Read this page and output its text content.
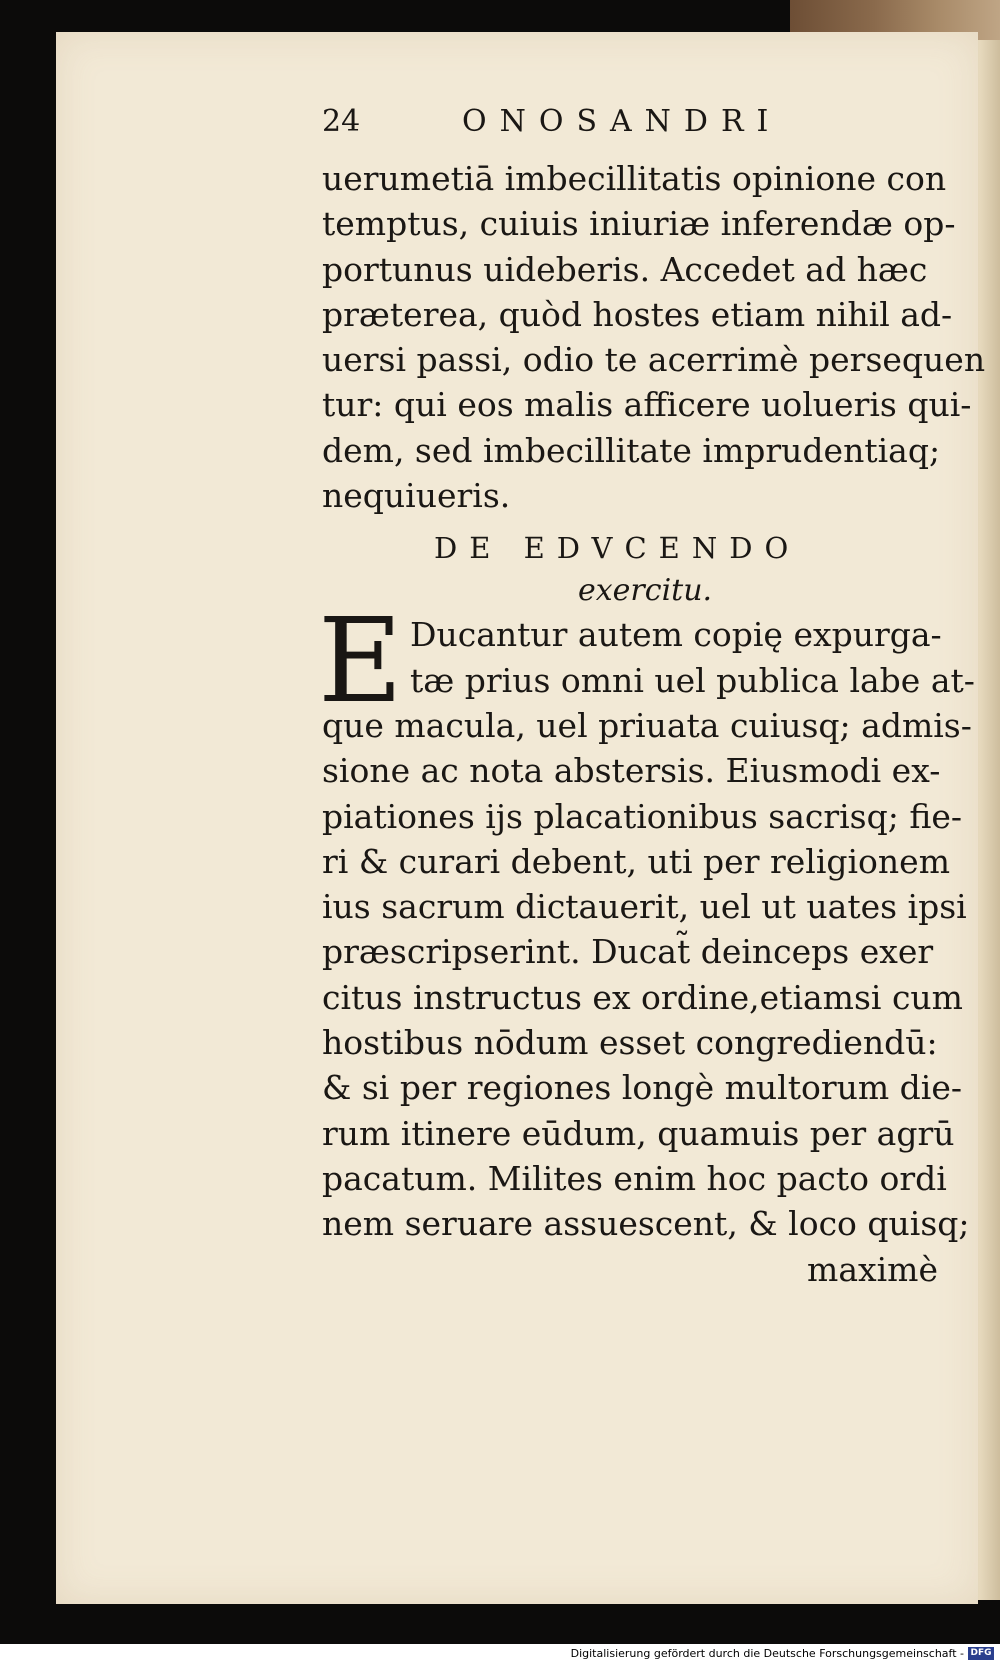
24	ONOSANDRI
uerumetiā imbecillitatis opinione con
temptus, cuiuis iniuriæ inferendæ op-
portunus uideberis. Accedet ad hæc
præterea, quòd hostes etiam nihil ad-
uersi passi, odio te acerrimè persequen
tur: qui eos malis afficere uolueris qui-
dem, sed imbecillitate imprudentiaq;
nequiueris.
DE EDVCENDO
exercitu.
E Ducantur autem copię expurga-
tæ prius omni uel publica labe at-
que macula, uel priuata cuiusq; admis-
sione ac nota abstersis. Eiusmodi ex-
piationes ijs placationibus sacrisq; fie-
ri & curari debent, uti per religionem
ius sacrum dictauerit, uel ut uates ipsi
præscripserint. Ducat̃ deinceps exer
citus instructus ex ordine,etiamsi cum
hostibus nōdum esset congrediendū:
& si per regiones longè multorum die-
rum itinere eūdum, quamuis per agrū
pacatum. Milites enim hoc pacto ordi
nem seruare assuescent, & loco quisq;
maximè
Digitalisierung gefördert durch die Deutsche Forschungsgemeinschaft - DFG
